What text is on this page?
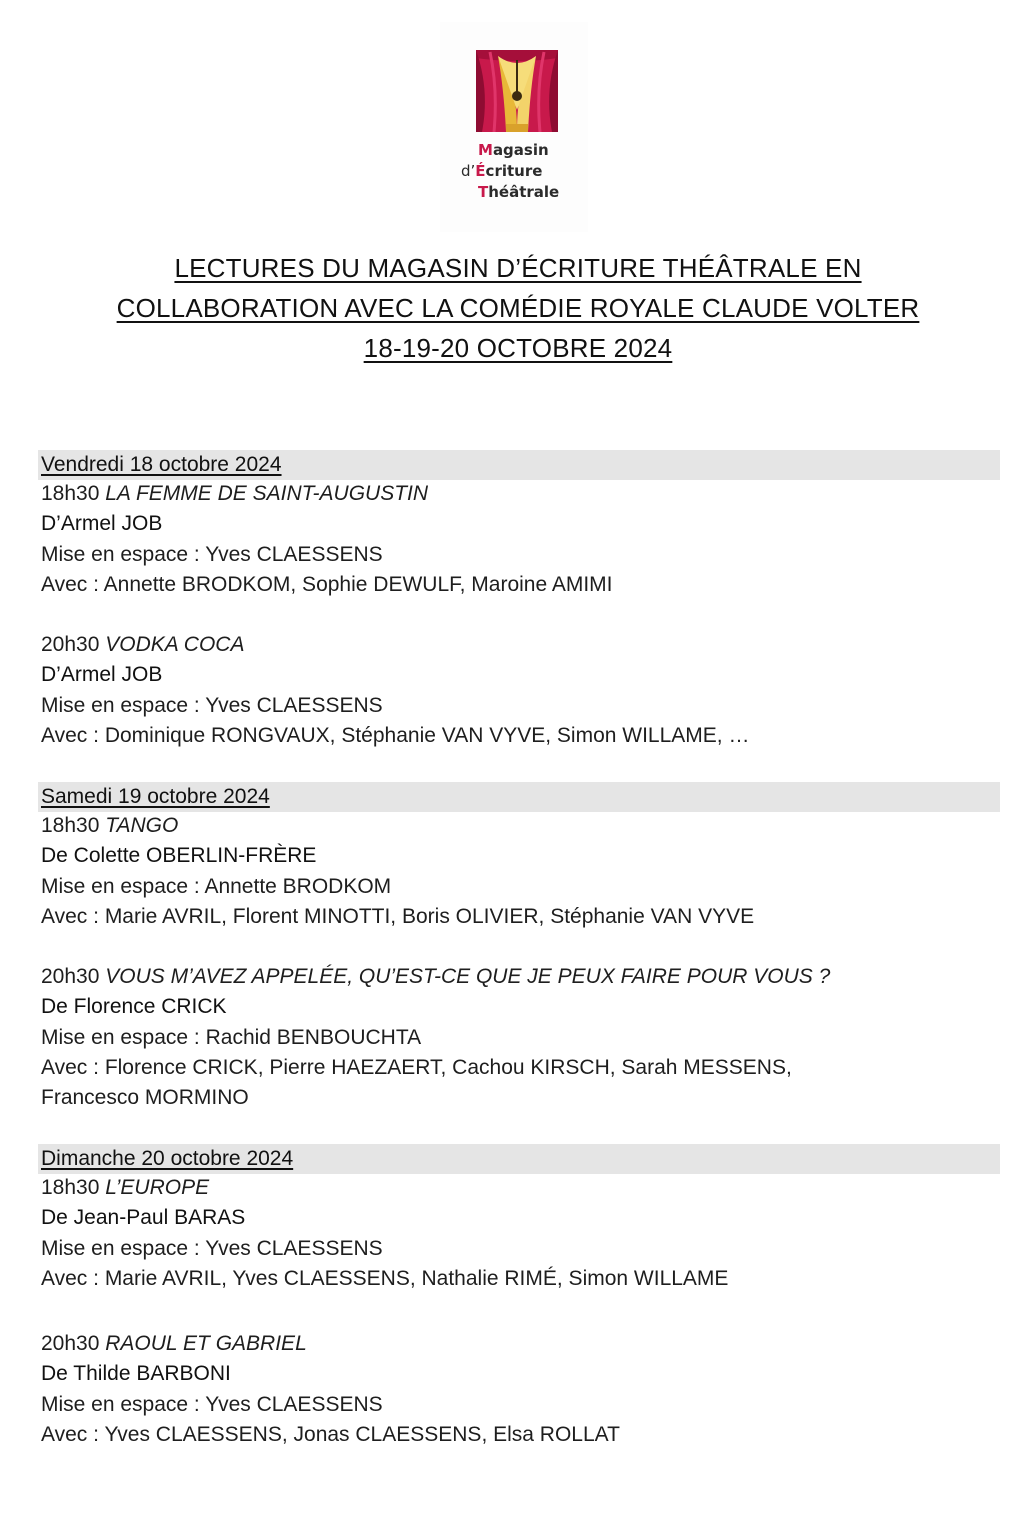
Magasin
d’Écriture
Théâtrale
LECTURES DU MAGASIN D’ÉCRITURE THÉÂTRALE EN
COLLABORATION AVEC LA COMÉDIE ROYALE CLAUDE VOLTER
18-19-20 OCTOBRE 2024
Vendredi 18 octobre 2024
18h30 LA FEMME DE SAINT-AUGUSTIN
D’Armel JOB
Mise en espace : Yves CLAESSENS
Avec : Annette BRODKOM, Sophie DEWULF, Maroine AMIMI
20h30 VODKA COCA
D’Armel JOB
Mise en espace : Yves CLAESSENS
Avec : Dominique RONGVAUX, Stéphanie VAN VYVE, Simon WILLAME, …
Samedi 19 octobre 2024
18h30 TANGO
De Colette OBERLIN-FRÈRE
Mise en espace : Annette BRODKOM
Avec : Marie AVRIL, Florent MINOTTI, Boris OLIVIER, Stéphanie VAN VYVE
20h30 VOUS M’AVEZ APPELÉE, QU’EST-CE QUE JE PEUX FAIRE POUR VOUS ?
De Florence CRICK
Mise en espace : Rachid BENBOUCHTA
Avec : Florence CRICK, Pierre HAEZAERT, Cachou KIRSCH, Sarah MESSENS, Francesco MORMINO
Dimanche 20 octobre 2024
18h30 L’EUROPE
De Jean-Paul BARAS
Mise en espace : Yves CLAESSENS
Avec : Marie AVRIL, Yves CLAESSENS, Nathalie RIMÉ, Simon WILLAME
20h30 RAOUL ET GABRIEL
De Thilde BARBONI
Mise en espace : Yves CLAESSENS
Avec : Yves CLAESSENS, Jonas CLAESSENS, Elsa ROLLAT
